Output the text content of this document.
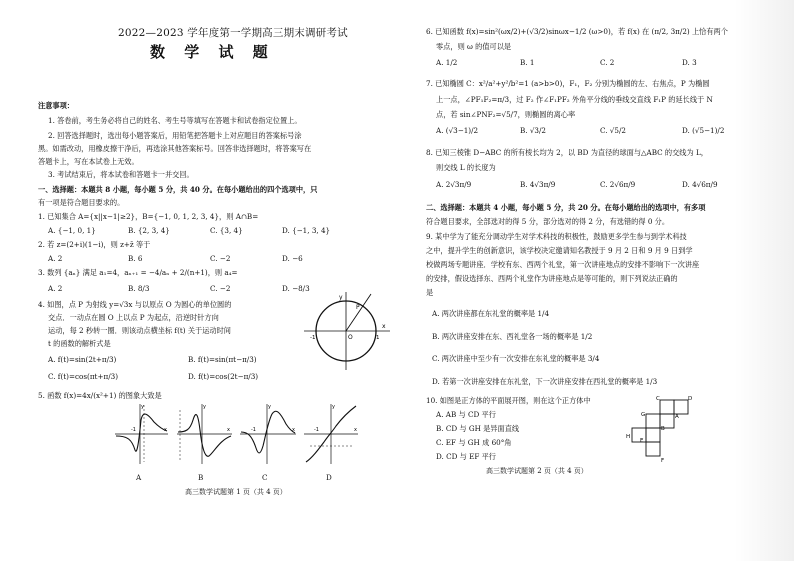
2022—2023 学年度第一学期高三期末调研考试
数 学 试 题
注意事项：
1. 答卷前，考生务必将自己的姓名、考生号等填写在答题卡和试卷指定位置上。
2. 回答选择题时，选出每小题答案后，用铅笔把答题卡上对应题目的答案标号涂
黑。如需改动，用橡皮擦干净后，再选涂其他答案标号。回答非选择题时，将答案写在
答题卡上，写在本试卷上无效。
3. 考试结束后，将本试卷和答题卡一并交回。
一、选择题：本题共 8 小题，每小题 5 分，共 40 分。在每小题给出的四个选项中，只
有一项是符合题目要求的。
1. 已知集合 A={x||x−1|≥2}，B={−1, 0, 1, 2, 3, 4}，则 A∩B=
A. {−1, 0, 1}	B. {2, 3, 4}	C. {3, 4}	D. {−1, 3, 4}
2. 若 z=(2+i)(1−i)，则 z+z̄ 等于
A. 2	B. 6	C. −2	D. −6
3. 数列 {aₙ} 满足 a₁=4，aₙ₊₁ = −4/aₙ + 2/(n+1)，则 a₄=
A. 2	B. 8/3	C. −2	D. −8/3
4. 如图，点 P 为射线 y=√3x 与以原点 O 为圆心的单位圆的
交点．一动点在圆 O 上以点 P 为起点，沿逆时针方向
运动，每 2 秒转一圈．则该动点横坐标 f(t) 关于运动时间
t 的函数的解析式是
A. f(t)=sin(2t+π/3)	B. f(t)=sin(πt−π/3)
C. f(t)=cos(πt+π/3)	D. f(t)=cos(2t−π/3)
P
O
x
y
-1	1
5. 函数 f(x)=4x/(x²+1) 的图象大致是
-1	x
y
x
y
-1	x
y
-1	x
y
A	B	C	D
高三数学试题第 1 页（共 4 页）
6. 已知函数 f(x)=sin²(ωx/2)+(√3/2)sinωx−1/2 (ω>0)，若 f(x) 在 (π/2, 3π/2) 上恰有两个
零点，则 ω 的值可以是
A. 1/2	B. 1	C. 2	D. 3
7. 已知椭圆 C：x²/a²+y²/b²=1 (a>b>0)，F₁，F₂ 分别为椭圆的左、右焦点，P 为椭圆
上一点，∠PF₁F₂=π/3，过 F₂ 作∠F₁PF₂ 外角平分线的垂线交直线 F₁P 的延长线于 N
点，若 sin∠PNF₂=√5/7，则椭圆的离心率
A. (√3−1)/2	B. √3/2	C. √5/2	D. (√5−1)/2
8. 已知三棱锥 D−ABC 的所有棱长均为 2，以 BD 为直径的球面与△ABC 的交线为 L，
则交线 L 的长度为
A. 2√3π/9	B. 4√3π/9	C. 2√6π/9	D. 4√6π/9
二、选择题：本题共 4 小题，每小题 5 分，共 20 分。在每小题给出的选项中，有多项
符合题目要求，全部选对的得 5 分，部分选对的得 2 分，有选错的得 0 分。
9. 某中学为了能充分调动学生对学术科技的积极性，鼓励更多学生参与到学术科技
之中，提升学生的创新意识，该学校决定邀请知名教授于 9 月 2 日和 9 月 9 日到学
校做两场专题讲座．学校有东、西两个礼堂，第一次讲座地点的安排不影响下一次讲座
的安排，假设选择东、西两个礼堂作为讲座地点是等可能的，则下列说法正确的
是
A. 两次讲座都在东礼堂的概率是 1/4
B. 两次讲座安排在东、西礼堂各一场的概率是 1/2
C. 两次讲座中至少有一次安排在东礼堂的概率是 3/4
D. 若第一次讲座安排在东礼堂，下一次讲座安排在西礼堂的概率是 1/3
10. 如图是正方体的平面展开图，则在这个正方体中
A. AB 与 CD 平行
B. CD 与 GH 是异面直线
C. EF 与 GH 成 60°角
D. CD 与 EF 平行
C	D
A
G
B
H
E
F
高三数学试题第 2 页（共 4 页）
